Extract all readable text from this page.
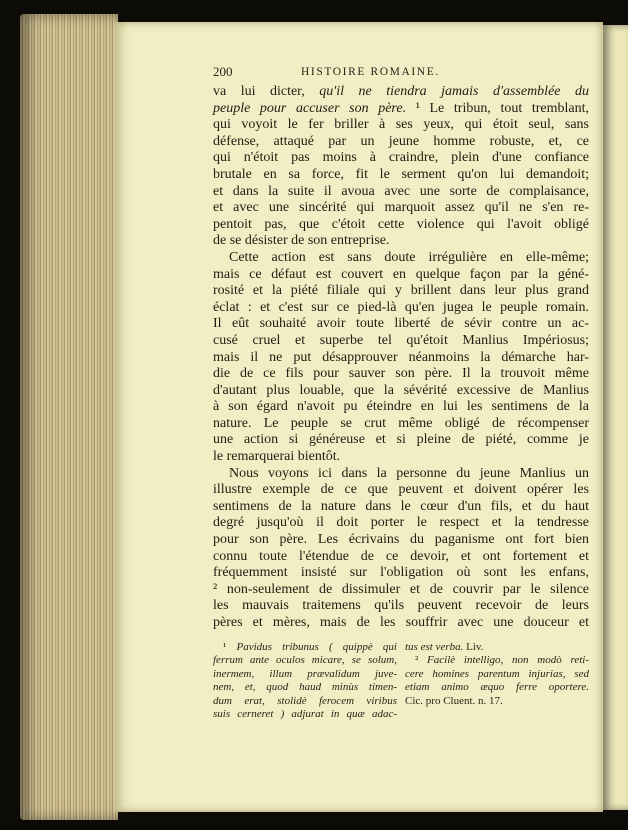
200	HISTOIRE ROMAINE.
va lui dicter, qu'il ne tiendra jamais d'assemblée du
peuple pour accuser son père. ¹ Le tribun, tout tremblant,
qui voyoit le fer briller à ses yeux, qui étoit seul, sans
défense, attaqué par un jeune homme robuste, et, ce
qui n'étoit pas moins à craindre, plein d'une confiance
brutale en sa force, fit le serment qu'on lui demandoit;
et dans la suite il avoua avec une sorte de complaisance,
et avec une sincérité qui marquoit assez qu'il ne s'en re-
pentoit pas, que c'étoit cette violence qui l'avoit obligé
de se désister de son entreprise.
Cette action est sans doute irrégulière en elle-même;
mais ce défaut est couvert en quelque façon par la géné-
rosité et la piété filiale qui y brillent dans leur plus grand
éclat : et c'est sur ce pied-là qu'en jugea le peuple romain.
Il eût souhaité avoir toute liberté de sévir contre un ac-
cusé cruel et superbe tel qu'étoit Manlius Impériosus;
mais il ne put désapprouver néanmoins la démarche har-
die de ce fils pour sauver son père. Il la trouvoit même
d'autant plus louable, que la sévérité excessive de Manlius
à son égard n'avoit pu éteindre en lui les sentimens de la
nature. Le peuple se crut même obligé de récompenser
une action si généreuse et si pleine de piété, comme je
le remarquerai bientôt.
Nous voyons ici dans la personne du jeune Manlius un
illustre exemple de ce que peuvent et doivent opérer les
sentimens de la nature dans le cœur d'un fils, et du haut
degré jusqu'où il doit porter le respect et la tendresse
pour son père. Les écrivains du paganisme ont fort bien
connu toute l'étendue de ce devoir, et ont fortement et
fréquemment insisté sur l'obligation où sont les enfans,
² non-seulement de dissimuler et de couvrir par le silence
les mauvais traitemens qu'ils peuvent recevoir de leurs
pères et mères, mais de les souffrir avec une douceur et
¹ Pavidus tribunus ( quippè qui
ferrum ante oculos micare, se solum,
inermem, illum prævalidum juve-
nem, et, quod haud minùs timen-
dum erat, stolidè ferocem viribus
suis cerneret ) adjurat in quæ adac-
tus est verba. Liv.
² Facilè intelligo, non modò reti-
cere homines parentum injurias, sed
etiam animo æquo ferre oportere.
Cic. pro Cluent. n. 17.
